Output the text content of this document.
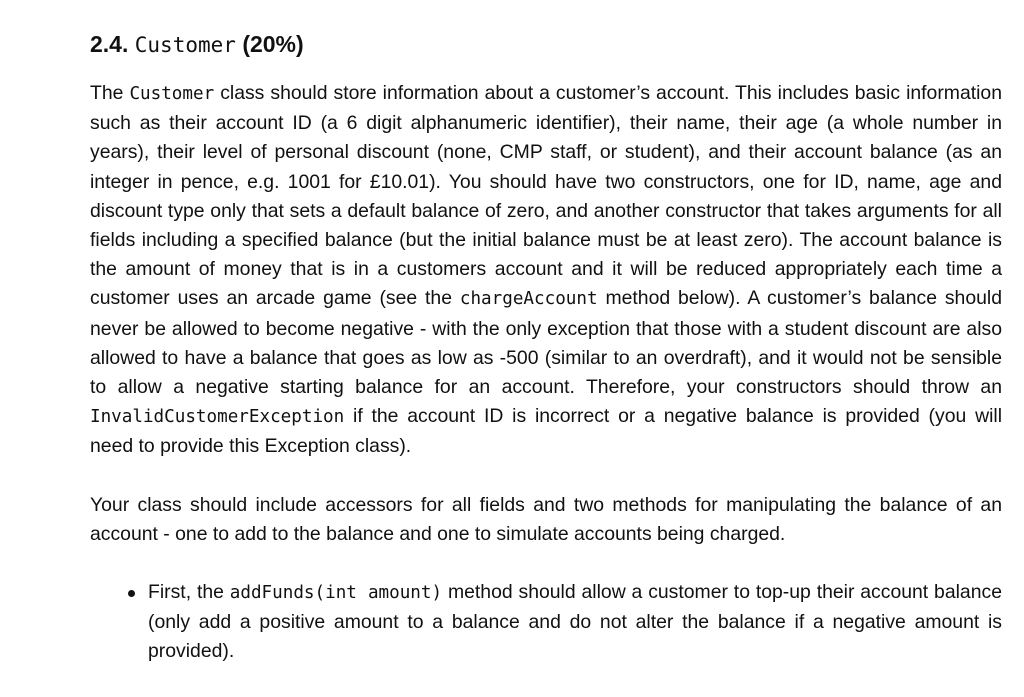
2.4. Customer (20%)

The Customer class should store information about a customer’s account. This includes basic information such as their account ID (a 6 digit alphanumeric identifier), their name, their age (a whole number in years), their level of personal discount (none, CMP staff, or student), and their account balance (as an integer in pence, e.g. 1001 for £10.01). You should have two constructors, one for ID, name, age and discount type only that sets a default balance of zero, and another constructor that takes arguments for all fields including a specified balance (but the initial balance must be at least zero). The account balance is the amount of money that is in a customers account and it will be reduced appropriately each time a customer uses an arcade game (see the chargeAccount method below). A customer’s balance should never be allowed to become negative - with the only exception that those with a student discount are also allowed to have a balance that goes as low as -500 (similar to an overdraft), and it would not be sensible to allow a negative starting balance for an account. Therefore, your constructors should throw an InvalidCustomerException if the account ID is incorrect or a negative balance is provided (you will need to provide this Exception class).

Your class should include accessors for all fields and two methods for manipulating the balance of an account - one to add to the balance and one to simulate accounts being charged.

First, the addFunds(int amount) method should allow a customer to top-up their account balance (only add a positive amount to a balance and do not alter the balance if a negative amount is provided).
